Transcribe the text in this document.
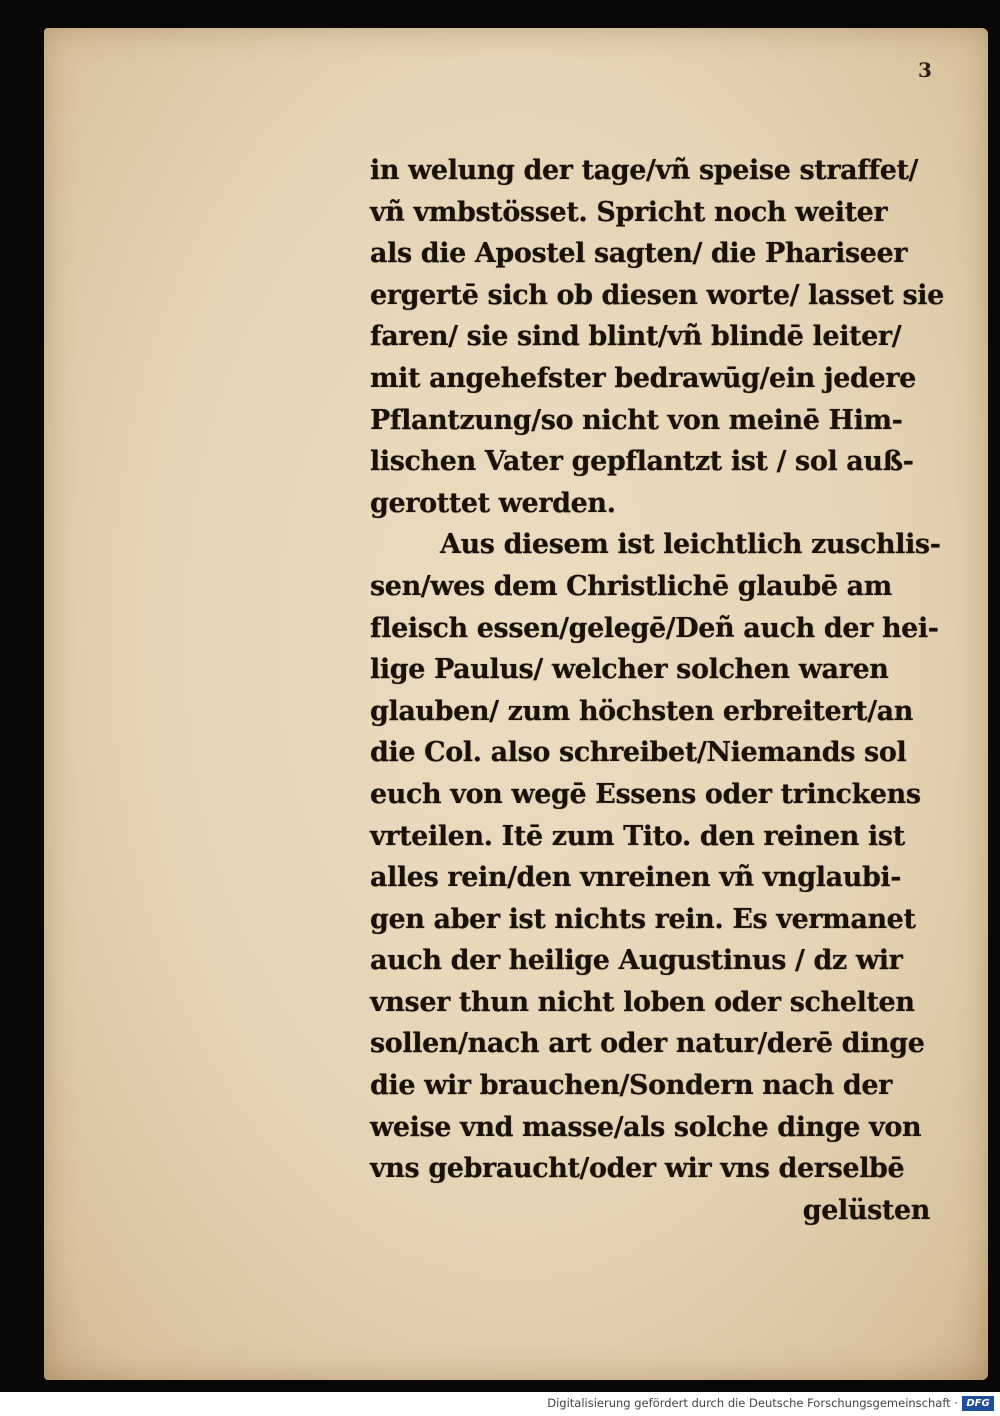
3
in welung der tage/vñ speise straffet/
vñ vmbstösset. Spricht noch weiter
als die Apostel sagten/ die Phariseer
ergertē sich ob diesen worte/ lasset sie
faren/ sie sind blint/vñ blindē leiter/
mit angehefster bedrawūg/ein jedere
Pflantzung/so nicht von meinē Him-
lischen Vater gepflantzt ist / sol auß-
gerottet werden.
Aus diesem ist leichtlich zuschlis-
sen/wes dem Christlichē glaubē am
fleisch essen/gelegē/Deñ auch der hei-
lige Paulus/ welcher solchen waren
glauben/ zum höchsten erbreitert/an
die Col. also schreibet/Niemands sol
euch von wegē Essens oder trinckens
vrteilen. Itē zum Tito. den reinen ist
alles rein/den vnreinen vñ vnglaubi-
gen aber ist nichts rein. Es vermanet
auch der heilige Augustinus / dz wir
vnser thun nicht loben oder schelten
sollen/nach art oder natur/derē dinge
die wir brauchen/Sondern nach der
weise vnd masse/als solche dinge von
vns gebraucht/oder wir vns derselbē
gelüsten
Digitalisierung gefördert durch die Deutsche Forschungsgemeinschaft · DFG
